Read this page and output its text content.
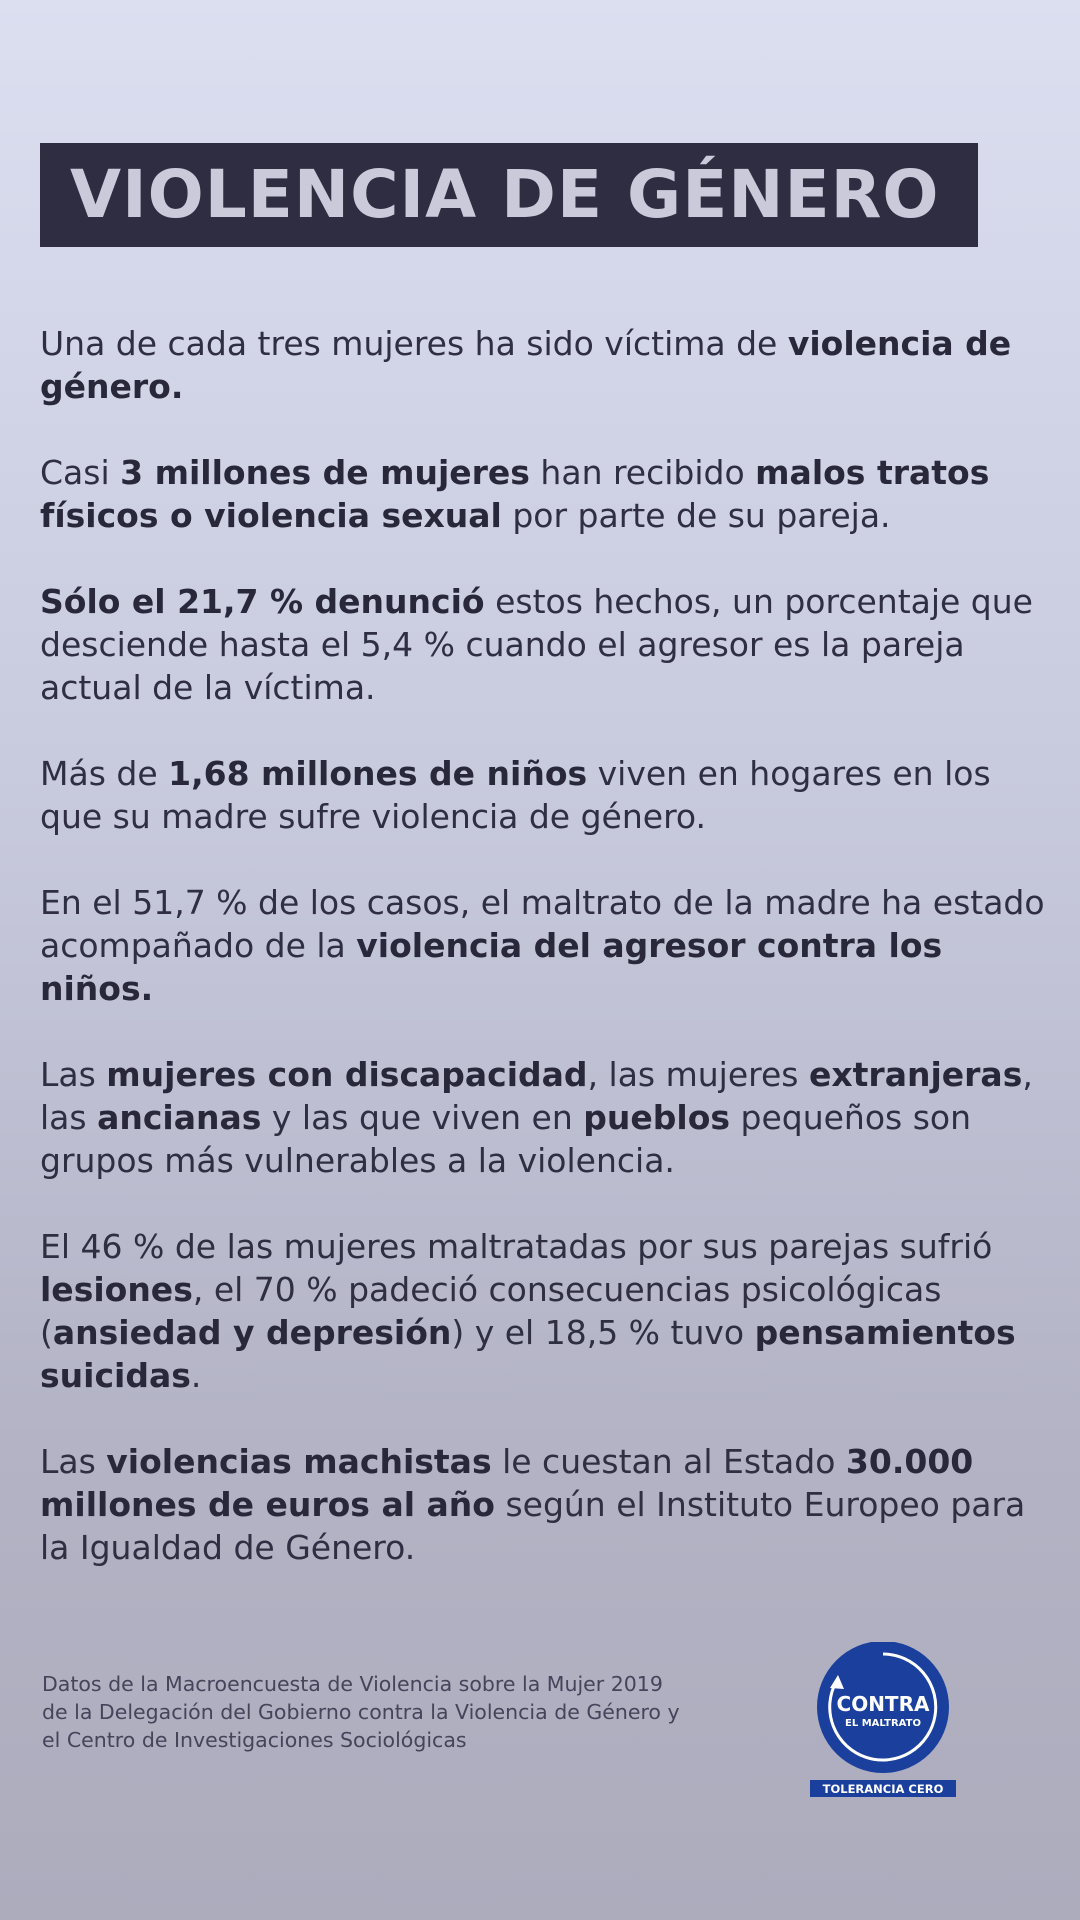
VIOLENCIA DE GÉNERO

Una de cada tres mujeres ha sido víctima de violencia de género.

Casi 3 millones de mujeres han recibido malos tratos físicos o violencia sexual por parte de su pareja.

Sólo el 21,7 % denunció estos hechos, un porcentaje que desciende hasta el 5,4 % cuando el agresor es la pareja actual de la víctima.

Más de 1,68 millones de niños viven en hogares en los que su madre sufre violencia de género.

En el 51,7 % de los casos, el maltrato de la madre ha estado acompañado de la violencia del agresor contra los niños.

Las mujeres con discapacidad, las mujeres extranjeras, las ancianas y las que viven en pueblos pequeños son grupos más vulnerables a la violencia.

El 46 % de las mujeres maltratadas por sus parejas sufrió lesiones, el 70 % padeció consecuencias psicológicas (ansiedad y depresión) y el 18,5 % tuvo pensamientos suicidas.

Las violencias machistas le cuestan al Estado 30.000 millones de euros al año según el Instituto Europeo para la Igualdad de Género.

Datos de la Macroencuesta de Violencia sobre la Mujer 2019
de la Delegación del Gobierno contra la Violencia de Género y
el Centro de Investigaciones Sociológicas
CONTRA
EL MALTRATO
TOLERANCIA CERO
